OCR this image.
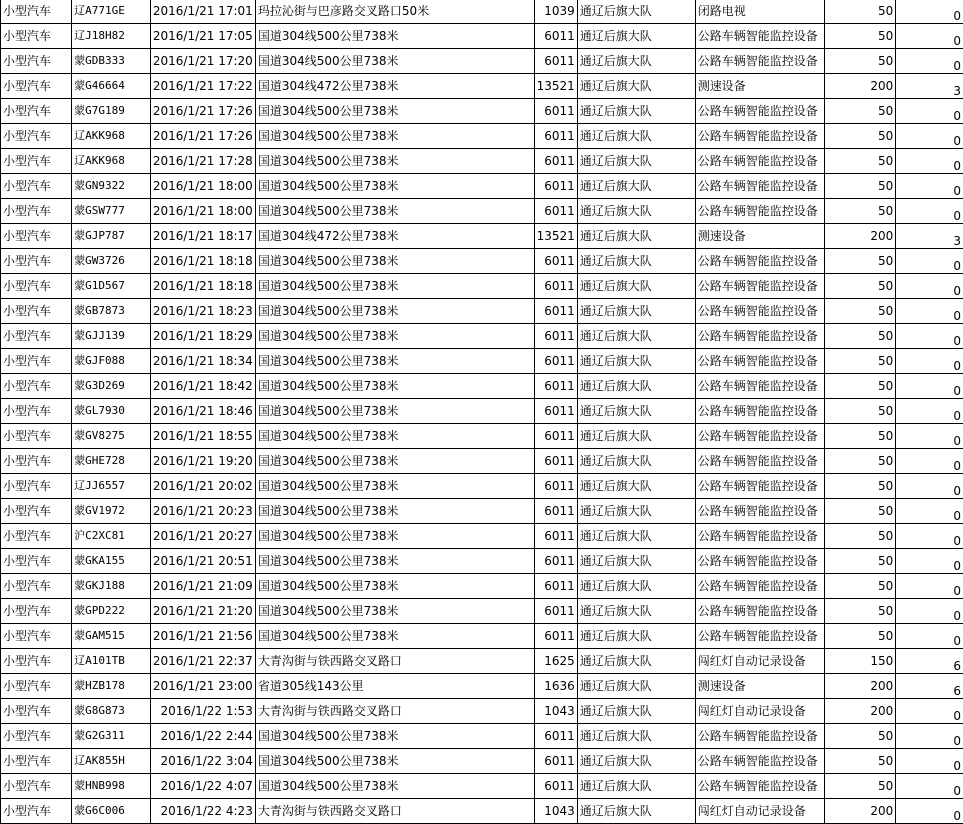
小型汽车	辽A771GE	2016/1/21 17:01	玛拉沁街与巴彦路交叉路口50米	1039	通辽后旗大队	闭路电视	50	0
小型汽车	辽J18H82	2016/1/21 17:05	国道304线500公里738米	6011	通辽后旗大队	公路车辆智能监控设备	50	0
小型汽车	蒙GDB333	2016/1/21 17:20	国道304线500公里738米	6011	通辽后旗大队	公路车辆智能监控设备	50	0
小型汽车	蒙G46664	2016/1/21 17:22	国道304线472公里738米	13521	通辽后旗大队	测速设备	200	3
小型汽车	蒙G7G189	2016/1/21 17:26	国道304线500公里738米	6011	通辽后旗大队	公路车辆智能监控设备	50	0
小型汽车	辽AKK968	2016/1/21 17:26	国道304线500公里738米	6011	通辽后旗大队	公路车辆智能监控设备	50	0
小型汽车	辽AKK968	2016/1/21 17:28	国道304线500公里738米	6011	通辽后旗大队	公路车辆智能监控设备	50	0
小型汽车	蒙GN9322	2016/1/21 18:00	国道304线500公里738米	6011	通辽后旗大队	公路车辆智能监控设备	50	0
小型汽车	蒙GSW777	2016/1/21 18:00	国道304线500公里738米	6011	通辽后旗大队	公路车辆智能监控设备	50	0
小型汽车	蒙GJP787	2016/1/21 18:17	国道304线472公里738米	13521	通辽后旗大队	测速设备	200	3
小型汽车	蒙GW3726	2016/1/21 18:18	国道304线500公里738米	6011	通辽后旗大队	公路车辆智能监控设备	50	0
小型汽车	蒙G1D567	2016/1/21 18:18	国道304线500公里738米	6011	通辽后旗大队	公路车辆智能监控设备	50	0
小型汽车	蒙GB7873	2016/1/21 18:23	国道304线500公里738米	6011	通辽后旗大队	公路车辆智能监控设备	50	0
小型汽车	蒙GJJ139	2016/1/21 18:29	国道304线500公里738米	6011	通辽后旗大队	公路车辆智能监控设备	50	0
小型汽车	蒙GJF088	2016/1/21 18:34	国道304线500公里738米	6011	通辽后旗大队	公路车辆智能监控设备	50	0
小型汽车	蒙G3D269	2016/1/21 18:42	国道304线500公里738米	6011	通辽后旗大队	公路车辆智能监控设备	50	0
小型汽车	蒙GL7930	2016/1/21 18:46	国道304线500公里738米	6011	通辽后旗大队	公路车辆智能监控设备	50	0
小型汽车	蒙GV8275	2016/1/21 18:55	国道304线500公里738米	6011	通辽后旗大队	公路车辆智能监控设备	50	0
小型汽车	蒙GHE728	2016/1/21 19:20	国道304线500公里738米	6011	通辽后旗大队	公路车辆智能监控设备	50	0
小型汽车	辽JJ6557	2016/1/21 20:02	国道304线500公里738米	6011	通辽后旗大队	公路车辆智能监控设备	50	0
小型汽车	蒙GV1972	2016/1/21 20:23	国道304线500公里738米	6011	通辽后旗大队	公路车辆智能监控设备	50	0
小型汽车	沪C2XC81	2016/1/21 20:27	国道304线500公里738米	6011	通辽后旗大队	公路车辆智能监控设备	50	0
小型汽车	蒙GKA155	2016/1/21 20:51	国道304线500公里738米	6011	通辽后旗大队	公路车辆智能监控设备	50	0
小型汽车	蒙GKJ188	2016/1/21 21:09	国道304线500公里738米	6011	通辽后旗大队	公路车辆智能监控设备	50	0
小型汽车	蒙GPD222	2016/1/21 21:20	国道304线500公里738米	6011	通辽后旗大队	公路车辆智能监控设备	50	0
小型汽车	蒙GAM515	2016/1/21 21:56	国道304线500公里738米	6011	通辽后旗大队	公路车辆智能监控设备	50	0
小型汽车	辽A101TB	2016/1/21 22:37	大青沟街与铁西路交叉路口	1625	通辽后旗大队	闯红灯自动记录设备	150	6
小型汽车	蒙HZB178	2016/1/21 23:00	省道305线143公里	1636	通辽后旗大队	测速设备	200	6
小型汽车	蒙G8G873	2016/1/22 1:53	大青沟街与铁西路交叉路口	1043	通辽后旗大队	闯红灯自动记录设备	200	0
小型汽车	蒙G2G311	2016/1/22 2:44	国道304线500公里738米	6011	通辽后旗大队	公路车辆智能监控设备	50	0
小型汽车	辽AK855H	2016/1/22 3:04	国道304线500公里738米	6011	通辽后旗大队	公路车辆智能监控设备	50	0
小型汽车	蒙HNB998	2016/1/22 4:07	国道304线500公里738米	6011	通辽后旗大队	公路车辆智能监控设备	50	0
小型汽车	蒙G6C006	2016/1/22 4:23	大青沟街与铁西路交叉路口	1043	通辽后旗大队	闯红灯自动记录设备	200	0
